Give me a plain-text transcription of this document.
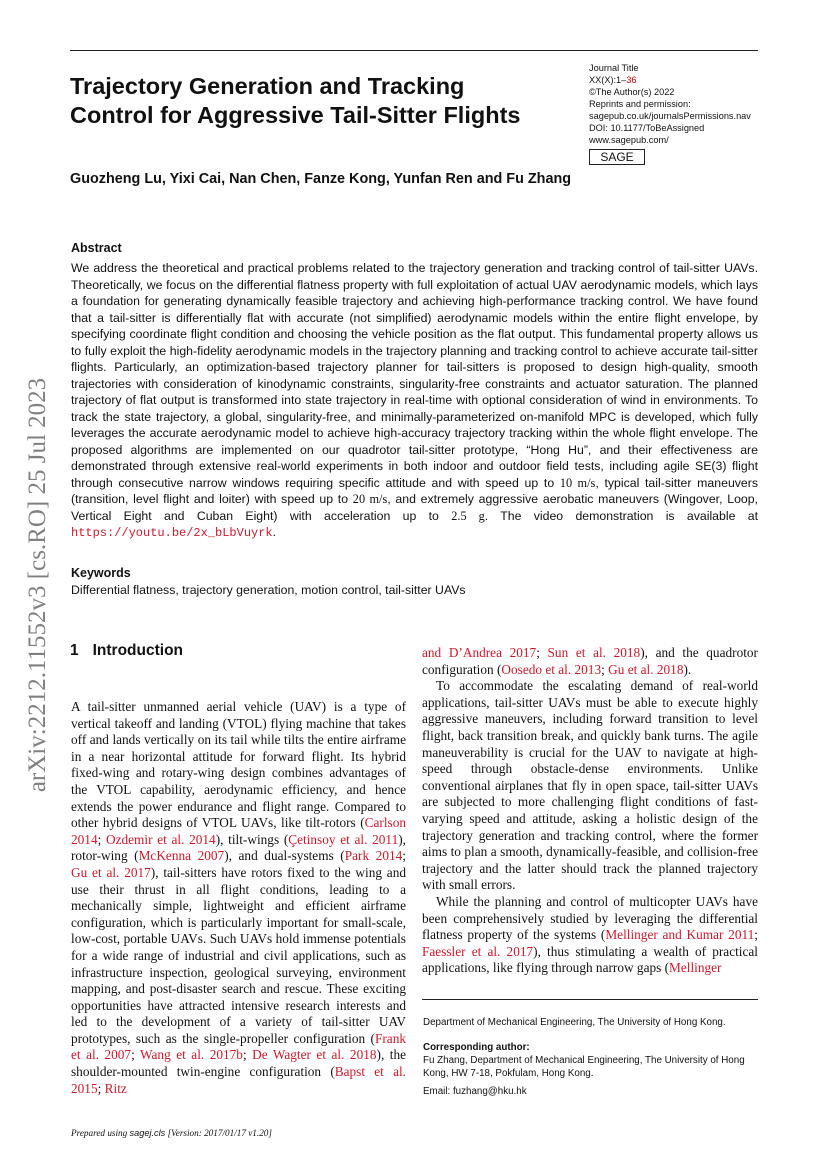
arXiv:2212.11552v3 [cs.RO] 25 Jul 2023
Trajectory Generation and Tracking
Control for Aggressive Tail-Sitter Flights
Journal Title
XX(X):1–36
©The Author(s) 2022
Reprints and permission:
sagepub.co.uk/journalsPermissions.nav
DOI: 10.1177/ToBeAssigned
www.sagepub.com/
SAGE
Guozheng Lu, Yixi Cai, Nan Chen, Fanze Kong, Yunfan Ren and Fu Zhang
Abstract
We address the theoretical and practical problems related to the trajectory generation and tracking control of tail-sitter UAVs. Theoretically, we focus on the differential flatness property with full exploitation of actual UAV aerodynamic models, which lays a foundation for generating dynamically feasible trajectory and achieving high-performance tracking control. We have found that a tail-sitter is differentially flat with accurate (not simplified) aerodynamic models within the entire flight envelope, by specifying coordinate flight condition and choosing the vehicle position as the flat output. This fundamental property allows us to fully exploit the high-fidelity aerodynamic models in the trajectory planning and tracking control to achieve accurate tail-sitter flights. Particularly, an optimization-based trajectory planner for tail-sitters is proposed to design high-quality, smooth trajectories with consideration of kinodynamic constraints, singularity-free constraints and actuator saturation. The planned trajectory of flat output is transformed into state trajectory in real-time with optional consideration of wind in environments. To track the state trajectory, a global, singularity-free, and minimally-parameterized on-manifold MPC is developed, which fully leverages the accurate aerodynamic model to achieve high-accuracy trajectory tracking within the whole flight envelope. The proposed algorithms are implemented on our quadrotor tail-sitter prototype, “Hong Hu”, and their effectiveness are demonstrated through extensive real-world experiments in both indoor and outdoor field tests, including agile SE(3) flight through consecutive narrow windows requiring specific attitude and with speed up to 10 m/s, typical tail-sitter maneuvers (transition, level flight and loiter) with speed up to 20 m/s, and extremely aggressive aerobatic maneuvers (Wingover, Loop, Vertical Eight and Cuban Eight) with acceleration up to 2.5 g. The video demonstration is available at https://youtu.be/2x_bLbVuyrk.
Keywords
Differential flatness, trajectory generation, motion control, tail-sitter UAVs
1 Introduction

A tail-sitter unmanned aerial vehicle (UAV) is a type of vertical takeoff and landing (VTOL) flying machine that takes off and lands vertically on its tail while tilts the entire airframe in a near horizontal attitude for forward flight. Its hybrid fixed-wing and rotary-wing design combines advantages of the VTOL capability, aerodynamic efficiency, and hence extends the power endurance and flight range. Compared to other hybrid designs of VTOL UAVs, like tilt-rotors (Carlson 2014; Ozdemir et al. 2014), tilt-wings (Çetinsoy et al. 2011), rotor-wing (McKenna 2007), and dual-systems (Park 2014; Gu et al. 2017), tail-sitters have rotors fixed to the wing and use their thrust in all flight conditions, leading to a mechanically simple, lightweight and efficient airframe configuration, which is particularly important for small-scale, low-cost, portable UAVs. Such UAVs hold immense potentials for a wide range of industrial and civil applications, such as infrastructure inspection, geological surveying, environment mapping, and post-disaster search and rescue. These exciting opportunities have attracted intensive research interests and led to the development of a variety of tail-sitter UAV prototypes, such as the single-propeller configuration (Frank et al. 2007; Wang et al. 2017b; De Wagter et al. 2018), the shoulder-mounted twin-engine configuration (Bapst et al. 2015; Ritz

and D’Andrea 2017; Sun et al. 2018), and the quadrotor configuration (Oosedo et al. 2013; Gu et al. 2018).

To accommodate the escalating demand of real-world applications, tail-sitter UAVs must be able to execute highly aggressive maneuvers, including forward transition to level flight, back transition break, and quickly bank turns. The agile maneuverability is crucial for the UAV to navigate at high-speed through obstacle-dense environments. Unlike conventional airplanes that fly in open space, tail-sitter UAVs are subjected to more challenging flight conditions of fast-varying speed and attitude, asking a holistic design of the trajectory generation and tracking control, where the former aims to plan a smooth, dynamically-feasible, and collision-free trajectory and the latter should track the planned trajectory with small errors.

While the planning and control of multicopter UAVs have been comprehensively studied by leveraging the differential flatness property of the systems (Mellinger and Kumar 2011; Faessler et al. 2017), thus stimulating a wealth of practical applications, like flying through narrow gaps (Mellinger

Department of Mechanical Engineering, The University of Hong Kong.
Corresponding author:
Fu Zhang, Department of Mechanical Engineering, The University of Hong Kong, HW 7-18, Pokfulam, Hong Kong.
Email: fuzhang@hku.hk
Prepared using sagej.cls [Version: 2017/01/17 v1.20]
